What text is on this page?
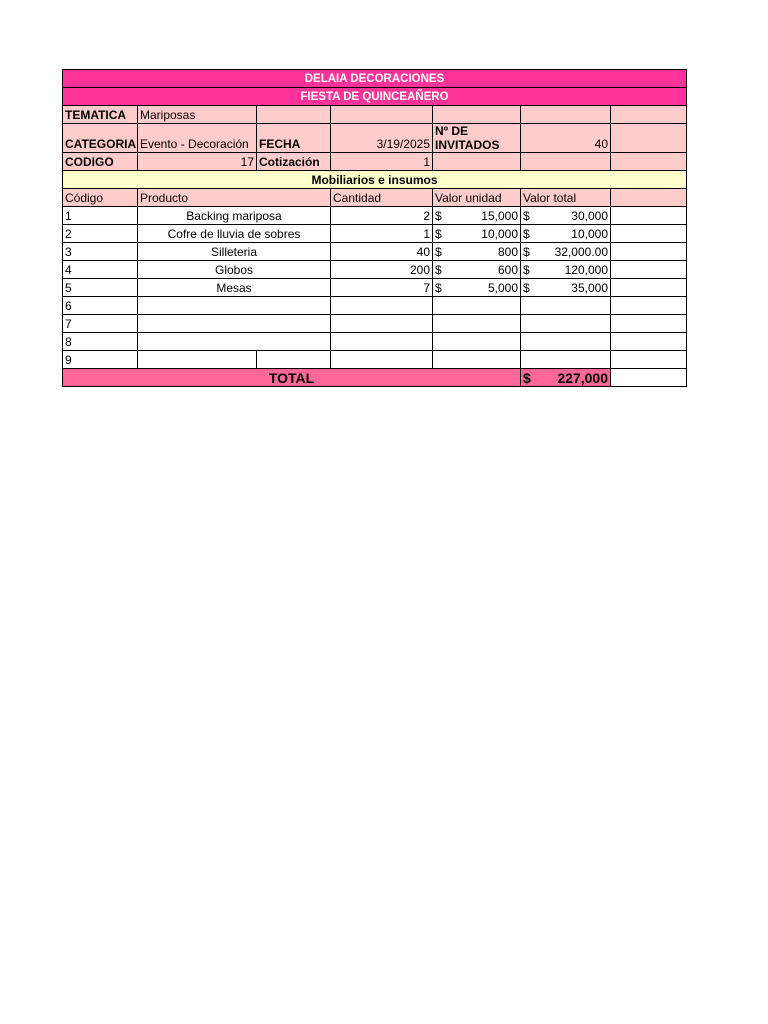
DELAIA DECORACIONES						
FIESTA DE QUINCEAÑERO						
TEMATICA	Mariposas					
CATEGORIA	Evento - Decoración	FECHA	3/19/2025	Nº DE INVITADOS	40	
CODIGO	17	Cotización	1			
Mobiliarios e insumos						
Código	Producto		Cantidad	Valor unidad	Valor total	
1	Backing mariposa		2	$ 15,000	$ 30,000	

2	Cofre de lluvia de sobres		1	$ 10,000	$ 10,000	

3	Silleteria		40	$ 800	$ 32,000.00	

4	Globos		200	$ 600	$ 120,000	

5	Mesas		7	$ 5,000	$ 35,000	

6						
7						
8						
9						
TOTAL					$ 227,000	
